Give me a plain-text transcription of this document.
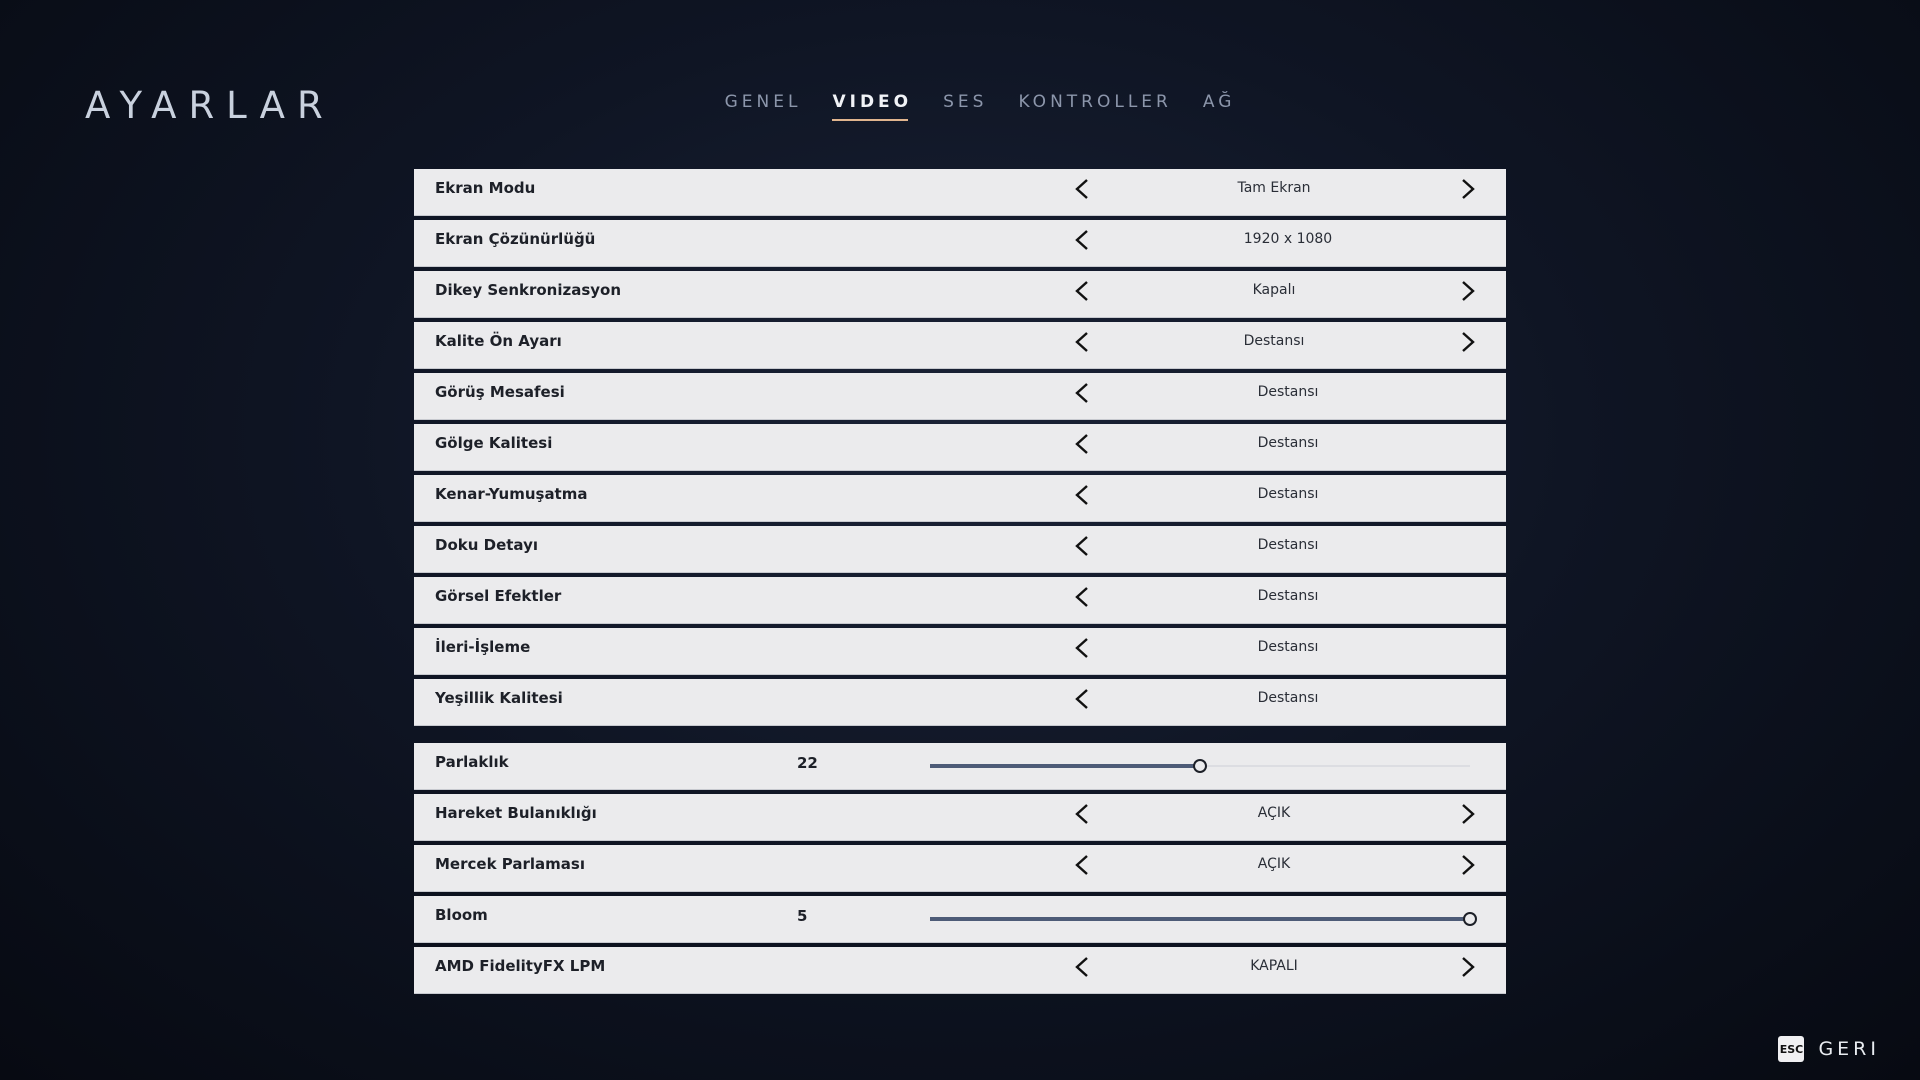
AYARLAR	GENEL VIDEO SES KONTROLLER AĞ
Ekran Modu	Tam Ekran
Ekran Çözünürlüğü	1920 x 1080
Dikey Senkronizasyon	Kapalı
Kalite Ön Ayarı	Destansı
Görüş Mesafesi	Destansı
Gölge Kalitesi	Destansı
Kenar-Yumuşatma	Destansı
Doku Detayı	Destansı
Görsel Efektler	Destansı
İleri-İşleme	Destansı
Yeşillik Kalitesi	Destansı
Parlaklık	22
Hareket Bulanıklığı	AÇIK
Mercek Parlaması	AÇIK
Bloom	5
AMD FidelityFX LPM	KAPALI
ESC GERI
